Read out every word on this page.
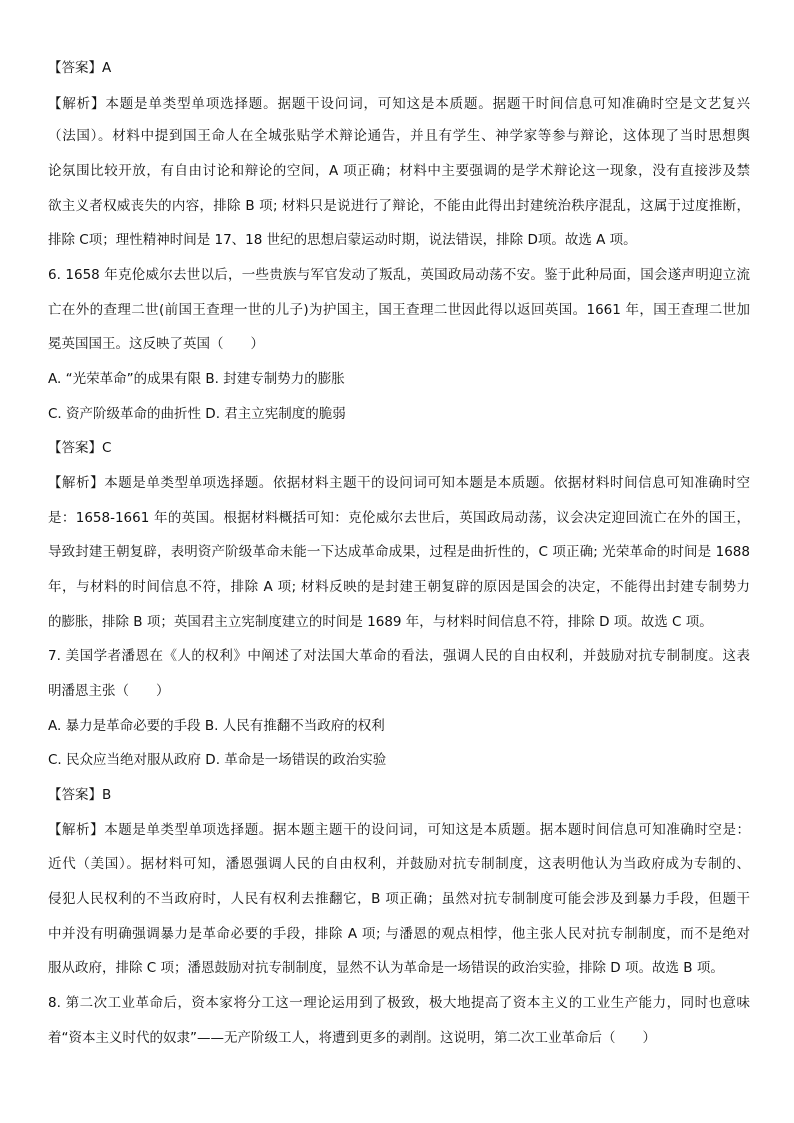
【答案】A
【解析】本题是单类型单项选择题。据题干设问词，可知这是本质题。据题干时间信息可知准确时空是文艺复兴
（法国）。材料中提到国王命人在全城张贴学术辩论通告，并且有学生、神学家等参与辩论，这体现了当时思想舆
论氛围比较开放，有自由讨论和辩论的空间，A 项正确；材料中主要强调的是学术辩论这一现象，没有直接涉及禁
欲主义者权威丧失的内容，排除 B 项; 材料只是说进行了辩论，不能由此得出封建统治秩序混乱，这属于过度推断，
排除 C项；理性精神时间是 17、18 世纪的思想启蒙运动时期，说法错误，排除 D项。故选 A 项。
6. 1658 年克伦威尔去世以后，一些贵族与军官发动了叛乱，英国政局动荡不安。鉴于此种局面，国会遂声明迎立流
亡在外的查理二世(前国王查理一世的儿子)为护国主，国王查理二世因此得以返回英国。1661 年，国王查理二世加
冕英国国王。这反映了英国（　　）
A. “光荣革命”的成果有限 B. 封建专制势力的膨胀
C. 资产阶级革命的曲折性 D. 君主立宪制度的脆弱
【答案】C
【解析】本题是单类型单项选择题。依据材料主题干的设问词可知本题是本质题。依据材料时间信息可知准确时空
是：1658-1661 年的英国。根据材料概括可知：克伦威尔去世后，英国政局动荡，议会决定迎回流亡在外的国王，
导致封建王朝复辟，表明资产阶级革命未能一下达成革命成果，过程是曲折性的，C 项正确; 光荣革命的时间是 1688
年，与材料的时间信息不符，排除 A 项; 材料反映的是封建王朝复辟的原因是国会的决定，不能得出封建专制势力
的膨胀，排除 B 项；英国君主立宪制度建立的时间是 1689 年，与材料时间信息不符，排除 D 项。故选 C 项。
7. 美国学者潘恩在《人的权利》中阐述了对法国大革命的看法，强调人民的自由权利，并鼓励对抗专制制度。这表
明潘恩主张（　　）
A. 暴力是革命必要的手段 B. 人民有推翻不当政府的权利
C. 民众应当绝对服从政府 D. 革命是一场错误的政治实验
【答案】B
【解析】本题是单类型单项选择题。据本题主题干的设问词，可知这是本质题。据本题时间信息可知准确时空是：
近代（美国）。据材料可知，潘恩强调人民的自由权利，并鼓励对抗专制制度，这表明他认为当政府成为专制的、
侵犯人民权利的不当政府时，人民有权利去推翻它，B 项正确；虽然对抗专制制度可能会涉及到暴力手段，但题干
中并没有明确强调暴力是革命必要的手段，排除 A 项; 与潘恩的观点相悖，他主张人民对抗专制制度，而不是绝对
服从政府，排除 C 项；潘恩鼓励对抗专制制度，显然不认为革命是一场错误的政治实验，排除 D 项。故选 B 项。
8. 第二次工业革命后，资本家将分工这一理论运用到了极致，极大地提高了资本主义的工业生产能力，同时也意味
着“资本主义时代的奴隶”——无产阶级工人，将遭到更多的剥削。这说明，第二次工业革命后（　　）
